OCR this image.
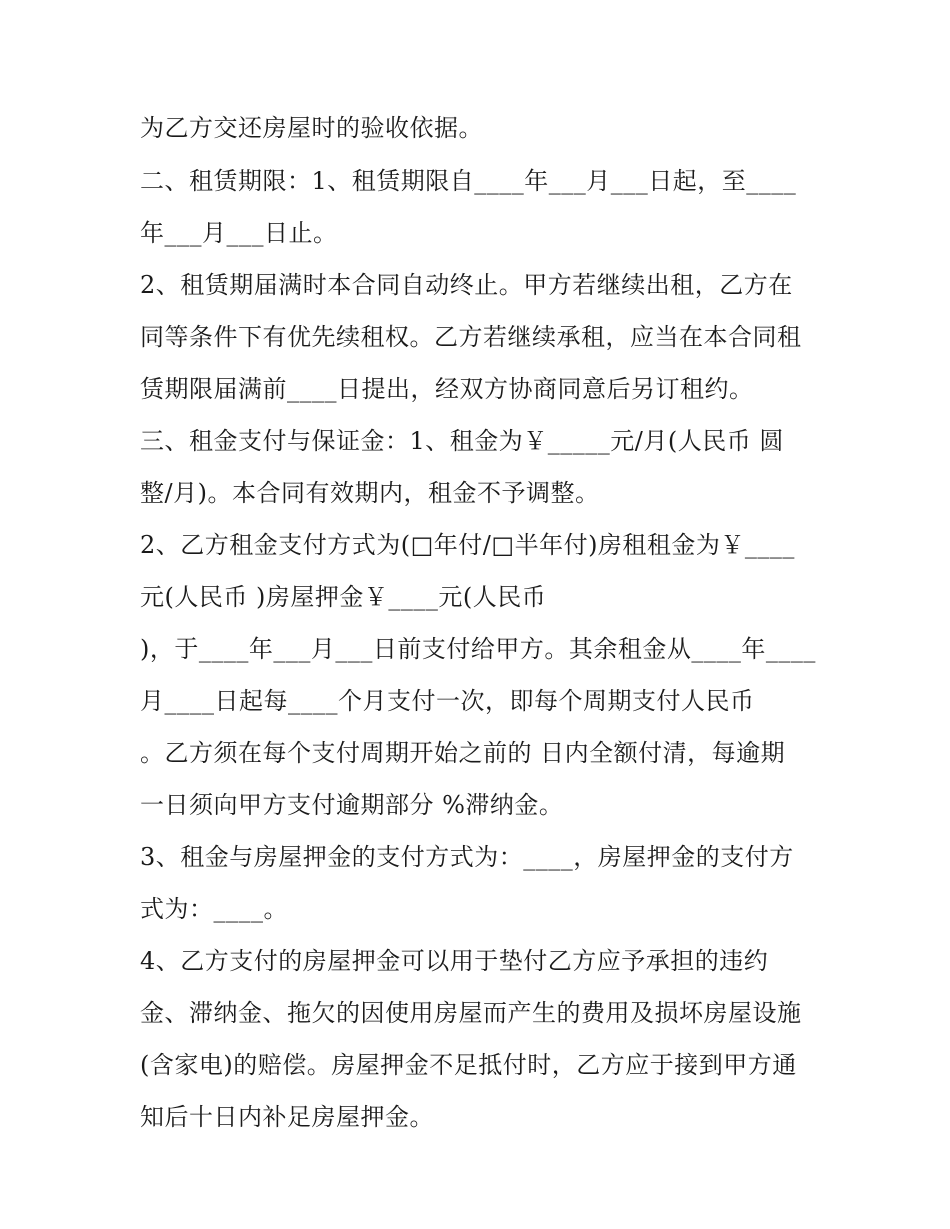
为乙方交还房屋时的验收依据。
二、租赁期限：1、租赁期限自____年___月___日起，至____
年___月___日止。
2、租赁期届满时本合同自动终止。甲方若继续出租，乙方在
同等条件下有优先续租权。乙方若继续承租，应当在本合同租
赁期限届满前____日提出，经双方协商同意后另订租约。
三、租金支付与保证金：1、租金为￥_____元/月(人民币 圆
整/月)。本合同有效期内，租金不予调整。
2、乙方租金支付方式为(□年付/□半年付)房租租金为￥____
元(人民币 )房屋押金￥____元(人民币
)，于____年___月___日前支付给甲方。其余租金从____年____
月____日起每____个月支付一次，即每个周期支付人民币
。乙方须在每个支付周期开始之前的 日内全额付清，每逾期
一日须向甲方支付逾期部分 %滞纳金。
3、租金与房屋押金的支付方式为：____，房屋押金的支付方
式为：____。
4、乙方支付的房屋押金可以用于垫付乙方应予承担的违约
金、滞纳金、拖欠的因使用房屋而产生的费用及损坏房屋设施
(含家电)的赔偿。房屋押金不足抵付时，乙方应于接到甲方通
知后十日内补足房屋押金。
